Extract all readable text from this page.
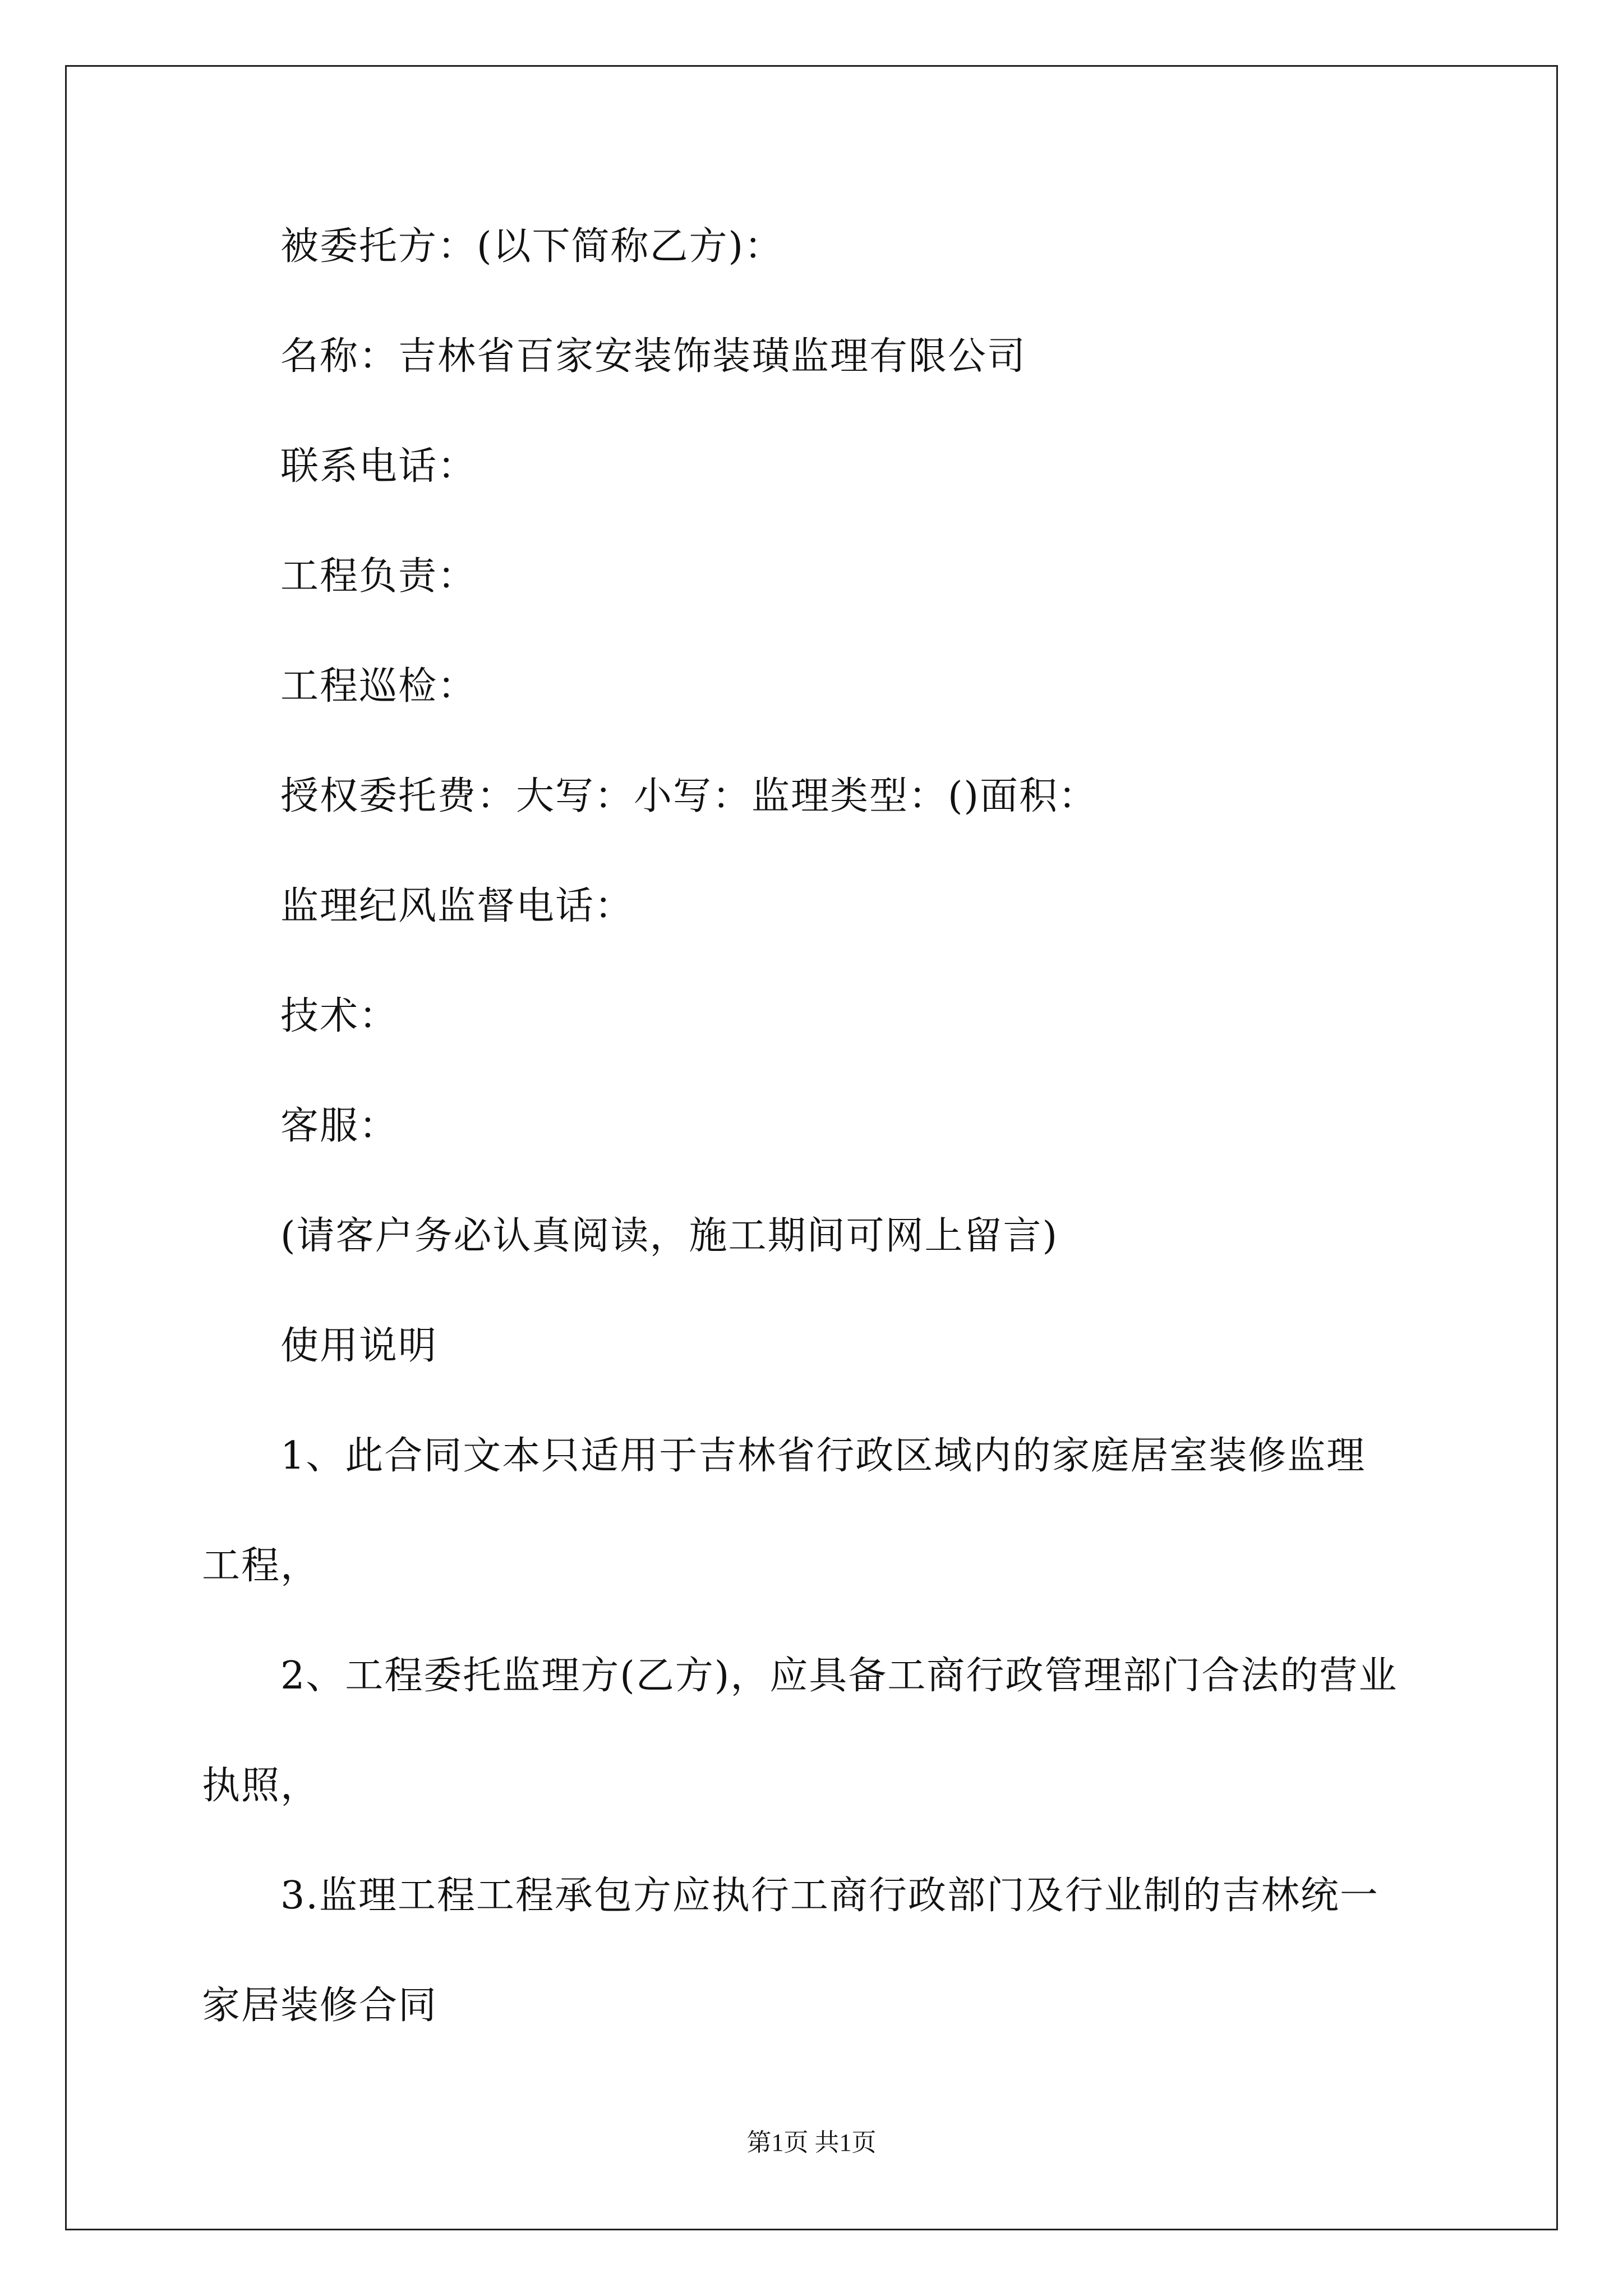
被委托方：(以下简称乙方)：

名称：吉林省百家安装饰装璜监理有限公司

联系电话：

工程负责：

工程巡检：

授权委托费：大写：小写：监理类型：()面积：

监理纪风监督电话：

技术：

客服：

(请客户务必认真阅读，施工期间可网上留言)

使用说明

1、此合同文本只适用于吉林省行政区域内的家庭居室装修监理

工程，

2、工程委托监理方(乙方)，应具备工商行政管理部门合法的营业

执照，

3.监理工程工程承包方应执行工商行政部门及行业制的吉林统一

家居装修合同

第1页 共1页
